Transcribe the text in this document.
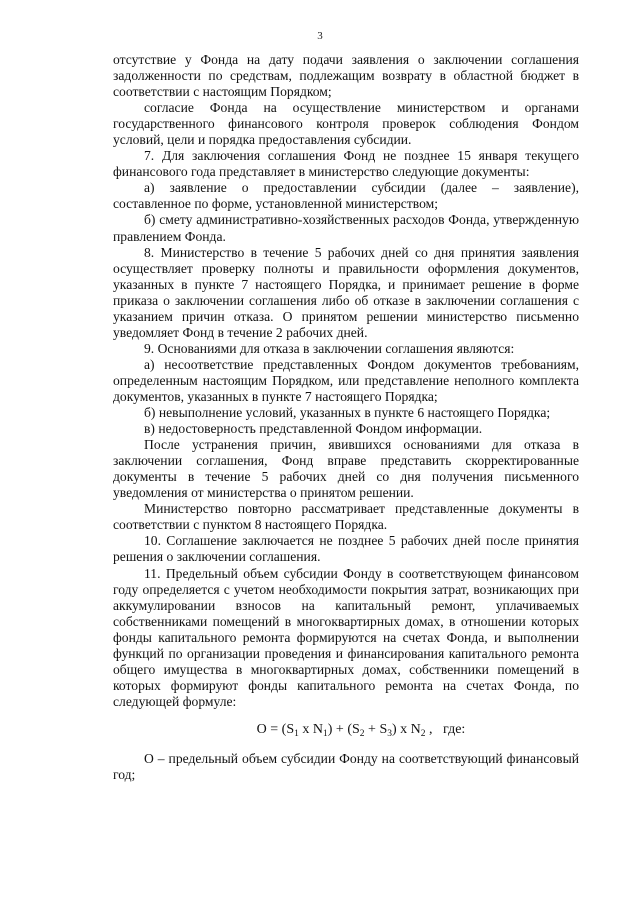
3

отсутствие у Фонда на дату подачи заявления о заключении соглашения задолженности по средствам, подлежащим возврату в областной бюджет в соответствии с настоящим Порядком;

согласие Фонда на осуществление министерством и органами государственного финансового контроля проверок соблюдения Фондом условий, цели и порядка предоставления субсидии.

7. Для заключения соглашения Фонд не позднее 15 января текущего финансового года представляет в министерство следующие документы:

а) заявление о предоставлении субсидии (далее – заявление), составленное по форме, установленной министерством;

б) смету административно-хозяйственных расходов Фонда, утвержденную правлением Фонда.

8. Министерство в течение 5 рабочих дней со дня принятия заявления осуществляет проверку полноты и правильности оформления документов, указанных в пункте 7 настоящего Порядка, и принимает решение в форме приказа о заключении соглашения либо об отказе в заключении соглашения с указанием причин отказа. О принятом решении министерство письменно уведомляет Фонд в течение 2 рабочих дней.

9. Основаниями для отказа в заключении соглашения являются:

а) несоответствие представленных Фондом документов требованиям, определенным настоящим Порядком, или представление неполного комплекта документов, указанных в пункте 7 настоящего Порядка;

б) невыполнение условий, указанных в пункте 6 настоящего Порядка;

в) недостоверность представленной Фондом информации.

После устранения причин, явившихся основаниями для отказа в заключении соглашения, Фонд вправе представить скорректированные документы в течение 5 рабочих дней со дня получения письменного уведомления от министерства о принятом решении.

Министерство повторно рассматривает представленные документы в соответствии с пунктом 8 настоящего Порядка.

10. Соглашение заключается не позднее 5 рабочих дней после принятия решения о заключении соглашения.

11. Предельный объем субсидии Фонду в соответствующем финансовом году определяется с учетом необходимости покрытия затрат, возникающих при аккумулировании взносов на капитальный ремонт, уплачиваемых собственниками помещений в многоквартирных домах, в отношении которых фонды капитального ремонта формируются на счетах Фонда, и выполнении функций по организации проведения и финансирования капитального ремонта общего имущества в многоквартирных домах, собственники помещений в которых формируют фонды капитального ремонта на счетах Фонда, по следующей формуле:

$O = (S_1$ x $N_1) + (S_2 + S_3)$ x $N_2$ ,   где:

О – предельный объем субсидии Фонду на соответствующий финансовый год;
